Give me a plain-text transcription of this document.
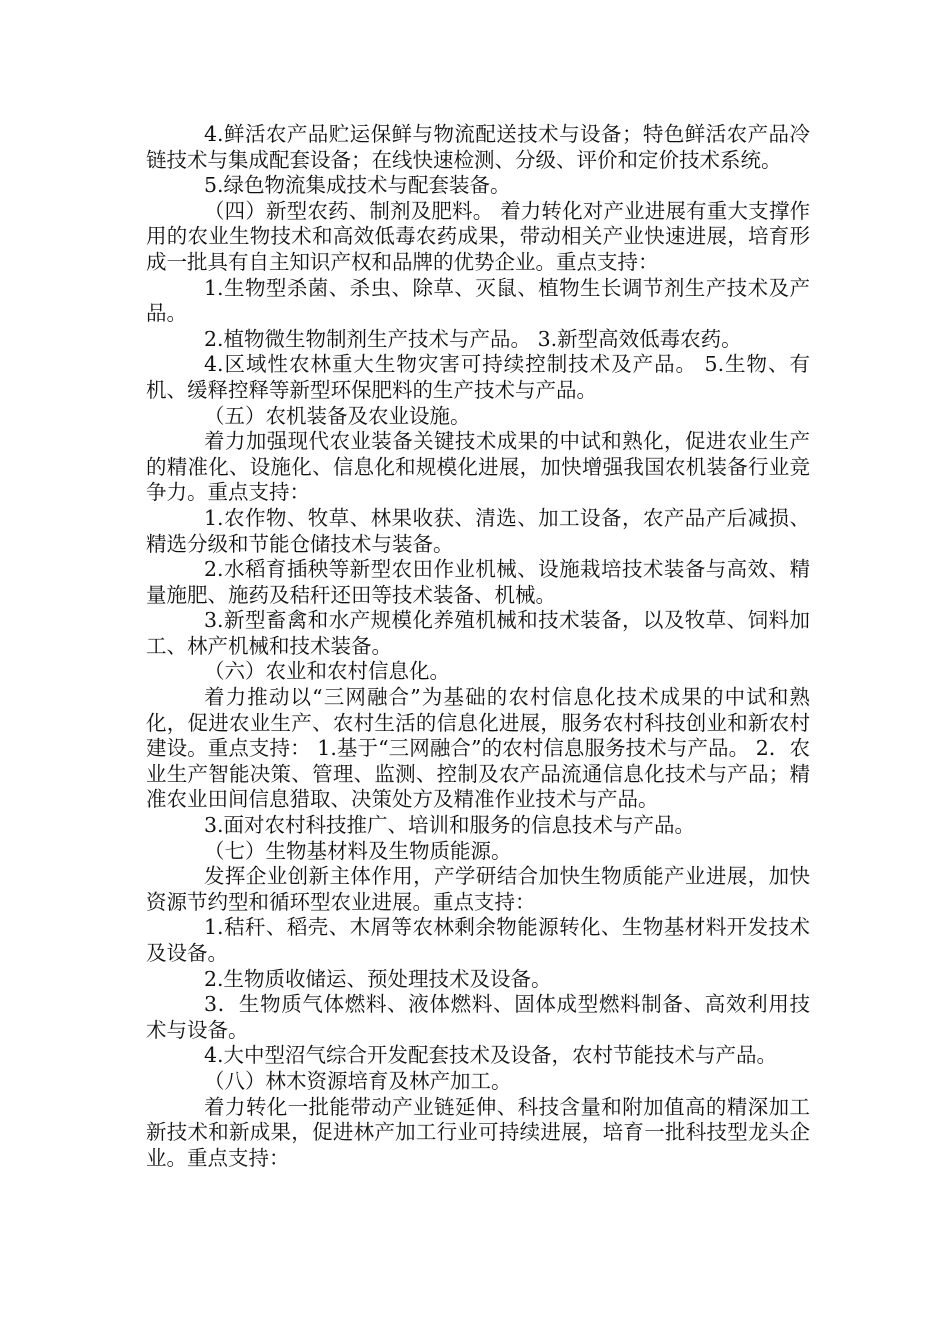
4.鲜活农产品贮运保鲜与物流配送技术与设备；特色鲜活农产品冷链技术与集成配套设备；在线快速检测、分级、评价和定价技术系统。

5.绿色物流集成技术与配套装备。

（四）新型农药、制剂及肥料。 着力转化对产业进展有重大支撑作用的农业生物技术和高效低毒农药成果，带动相关产业快速进展，培育形成一批具有自主知识产权和品牌的优势企业。重点支持：

1.生物型杀菌、杀虫、除草、灭鼠、植物生长调节剂生产技术及产品。

2.植物微生物制剂生产技术与产品。 3.新型高效低毒农药。

4.区域性农林重大生物灾害可持续控制技术及产品。 5.生物、有机、缓释控释等新型环保肥料的生产技术与产品。

（五）农机装备及农业设施。

着力加强现代农业装备关键技术成果的中试和熟化，促进农业生产的精准化、设施化、信息化和规模化进展，加快增强我国农机装备行业竞争力。重点支持：

1.农作物、牧草、林果收获、清选、加工设备，农产品产后减损、精选分级和节能仓储技术与装备。

2.水稻育插秧等新型农田作业机械、设施栽培技术装备与高效、精量施肥、施药及秸秆还田等技术装备、机械。

3.新型畜禽和水产规模化养殖机械和技术装备，以及牧草、饲料加工、林产机械和技术装备。

（六）农业和农村信息化。

着力推动以“三网融合”为基础的农村信息化技术成果的中试和熟化，促进农业生产、农村生活的信息化进展，服务农村科技创业和新农村建设。重点支持： 1.基于“三网融合”的农村信息服务技术与产品。 2．农业生产智能决策、管理、监测、控制及农产品流通信息化技术与产品；精准农业田间信息猎取、决策处方及精准作业技术与产品。

3.面对农村科技推广、培训和服务的信息技术与产品。

（七）生物基材料及生物质能源。

发挥企业创新主体作用，产学研结合加快生物质能产业进展，加快资源节约型和循环型农业进展。重点支持：

1.秸秆、稻壳、木屑等农林剩余物能源转化、生物基材料开发技术及设备。

2.生物质收储运、预处理技术及设备。

3．生物质气体燃料、液体燃料、固体成型燃料制备、高效利用技术与设备。

4.大中型沼气综合开发配套技术及设备，农村节能技术与产品。

（八）林木资源培育及林产加工。

着力转化一批能带动产业链延伸、科技含量和附加值高的精深加工新技术和新成果，促进林产加工行业可持续进展，培育一批科技型龙头企业。重点支持：
